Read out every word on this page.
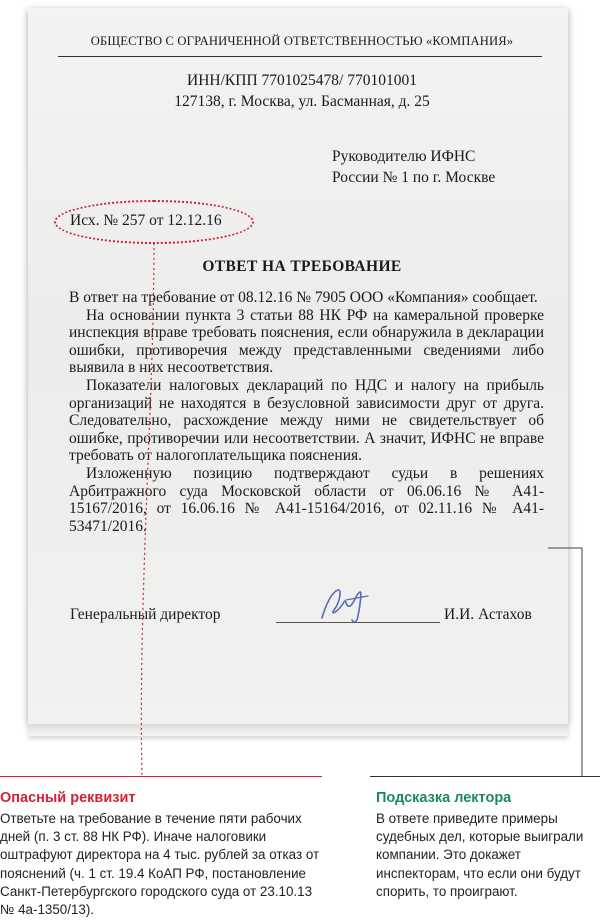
ОБЩЕСТВО С ОГРАНИЧЕННОЙ ОТВЕТСТВЕННОСТЬЮ «КОМПАНИЯ»
ИНН/КПП 7701025478/ 770101001
127138, г. Москва, ул. Басманная, д. 25
Руководителю ИФНС
России № 1 по г. Москве
Исх. № 257 от 12.12.16
ОТВЕТ НА ТРЕБОВАНИЕ

В ответ на требование от 08.12.16 № 7905 ООО «Компания» сообщает.

На основании пункта 3 статьи 88 НК РФ на камеральной проверке инспекция вправе требовать пояснения, если обнаружила в декларации ошибки, противоречия между представленными сведениями либо выявила в них несоответствия.

Показатели налоговых деклараций по НДС и налогу на прибыль организаций не находятся в безусловной зависимости друг от друга. Следовательно, расхождение между ними не свидетельствует об ошибке, противоречии или несоответствии. А значит, ИФНС не вправе требовать от налогоплательщика пояснения.

Изложенную позицию подтверждают судьи в решениях Арбитражного суда Московской области от 06.06.16 № А41-15167/2016, от 16.06.16 № А41-15164/2016, от 02.11.16 № А41-53471/2016.

Генеральный директор	И.И. Астахов
Опасный реквизит
Ответьте на требование в течение пяти рабочих дней (п. 3 ст. 88 НК РФ). Иначе налоговики оштрафуют директора на 4 тыс. рублей за отказ от пояснений (ч. 1 ст. 19.4 КоАП РФ, постановление Санкт-Петербургского городского суда от 23.10.13 № 4а-1350/13).
Подсказка лектора
В ответе приведите примеры судебных дел, которые выиграли компании. Это докажет инспекторам, что если они будут спорить, то проиграют.
